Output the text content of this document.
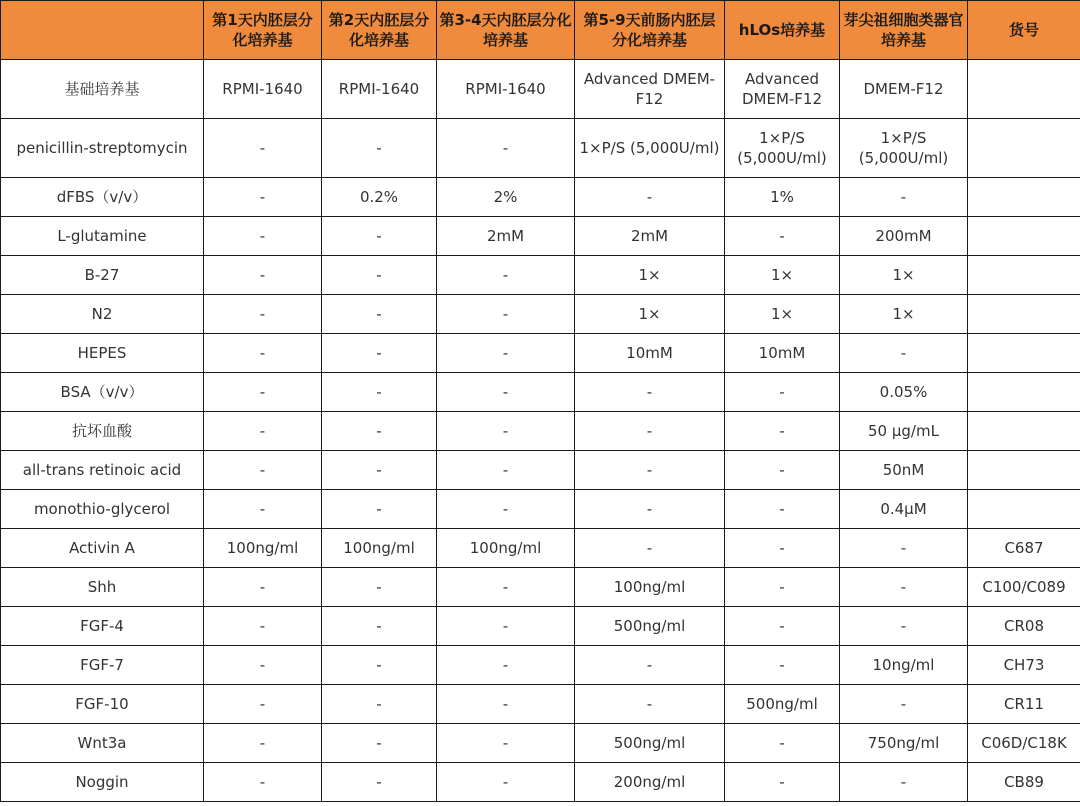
	第1天内胚层分化培养基	第2天内胚层分化培养基	第3-4天内胚层分化培养基	第5-9天前肠内胚层分化培养基	hLOs培养基	芽尖祖细胞类器官培养基	货号
基础培养基	RPMI-1640	RPMI-1640	RPMI-1640	Advanced DMEM-F12	Advanced DMEM-F12	DMEM-F12	
penicillin-streptomycin	-	-	-	1×P/S (5,000U/ml)	1×P/S (5,000U/ml)	1×P/S (5,000U/ml)	
dFBS（v/v）	-	0.2%	2%	-	1%	-	
L-glutamine	-	-	2mM	2mM	-	200mM	
B-27	-	-	-	1×	1×	1×	
N2	-	-	-	1×	1×	1×	
HEPES	-	-	-	10mM	10mM	-	
BSA（v/v）	-	-	-	-	-	0.05%	
抗坏血酸	-	-	-	-	-	50 μg/mL	
all-trans retinoic acid	-	-	-	-	-	50nM	
monothio-glycerol	-	-	-	-	-	0.4μM	
Activin A	100ng/ml	100ng/ml	100ng/ml	-	-	-	C687
Shh	-	-	-	100ng/ml	-	-	C100/C089
FGF-4	-	-	-	500ng/ml	-	-	CR08
FGF-7	-	-	-	-	-	10ng/ml	CH73
FGF-10	-	-	-	-	500ng/ml	-	CR11
Wnt3a	-	-	-	500ng/ml	-	750ng/ml	C06D/C18K
Noggin	-	-	-	200ng/ml	-	-	CB89
